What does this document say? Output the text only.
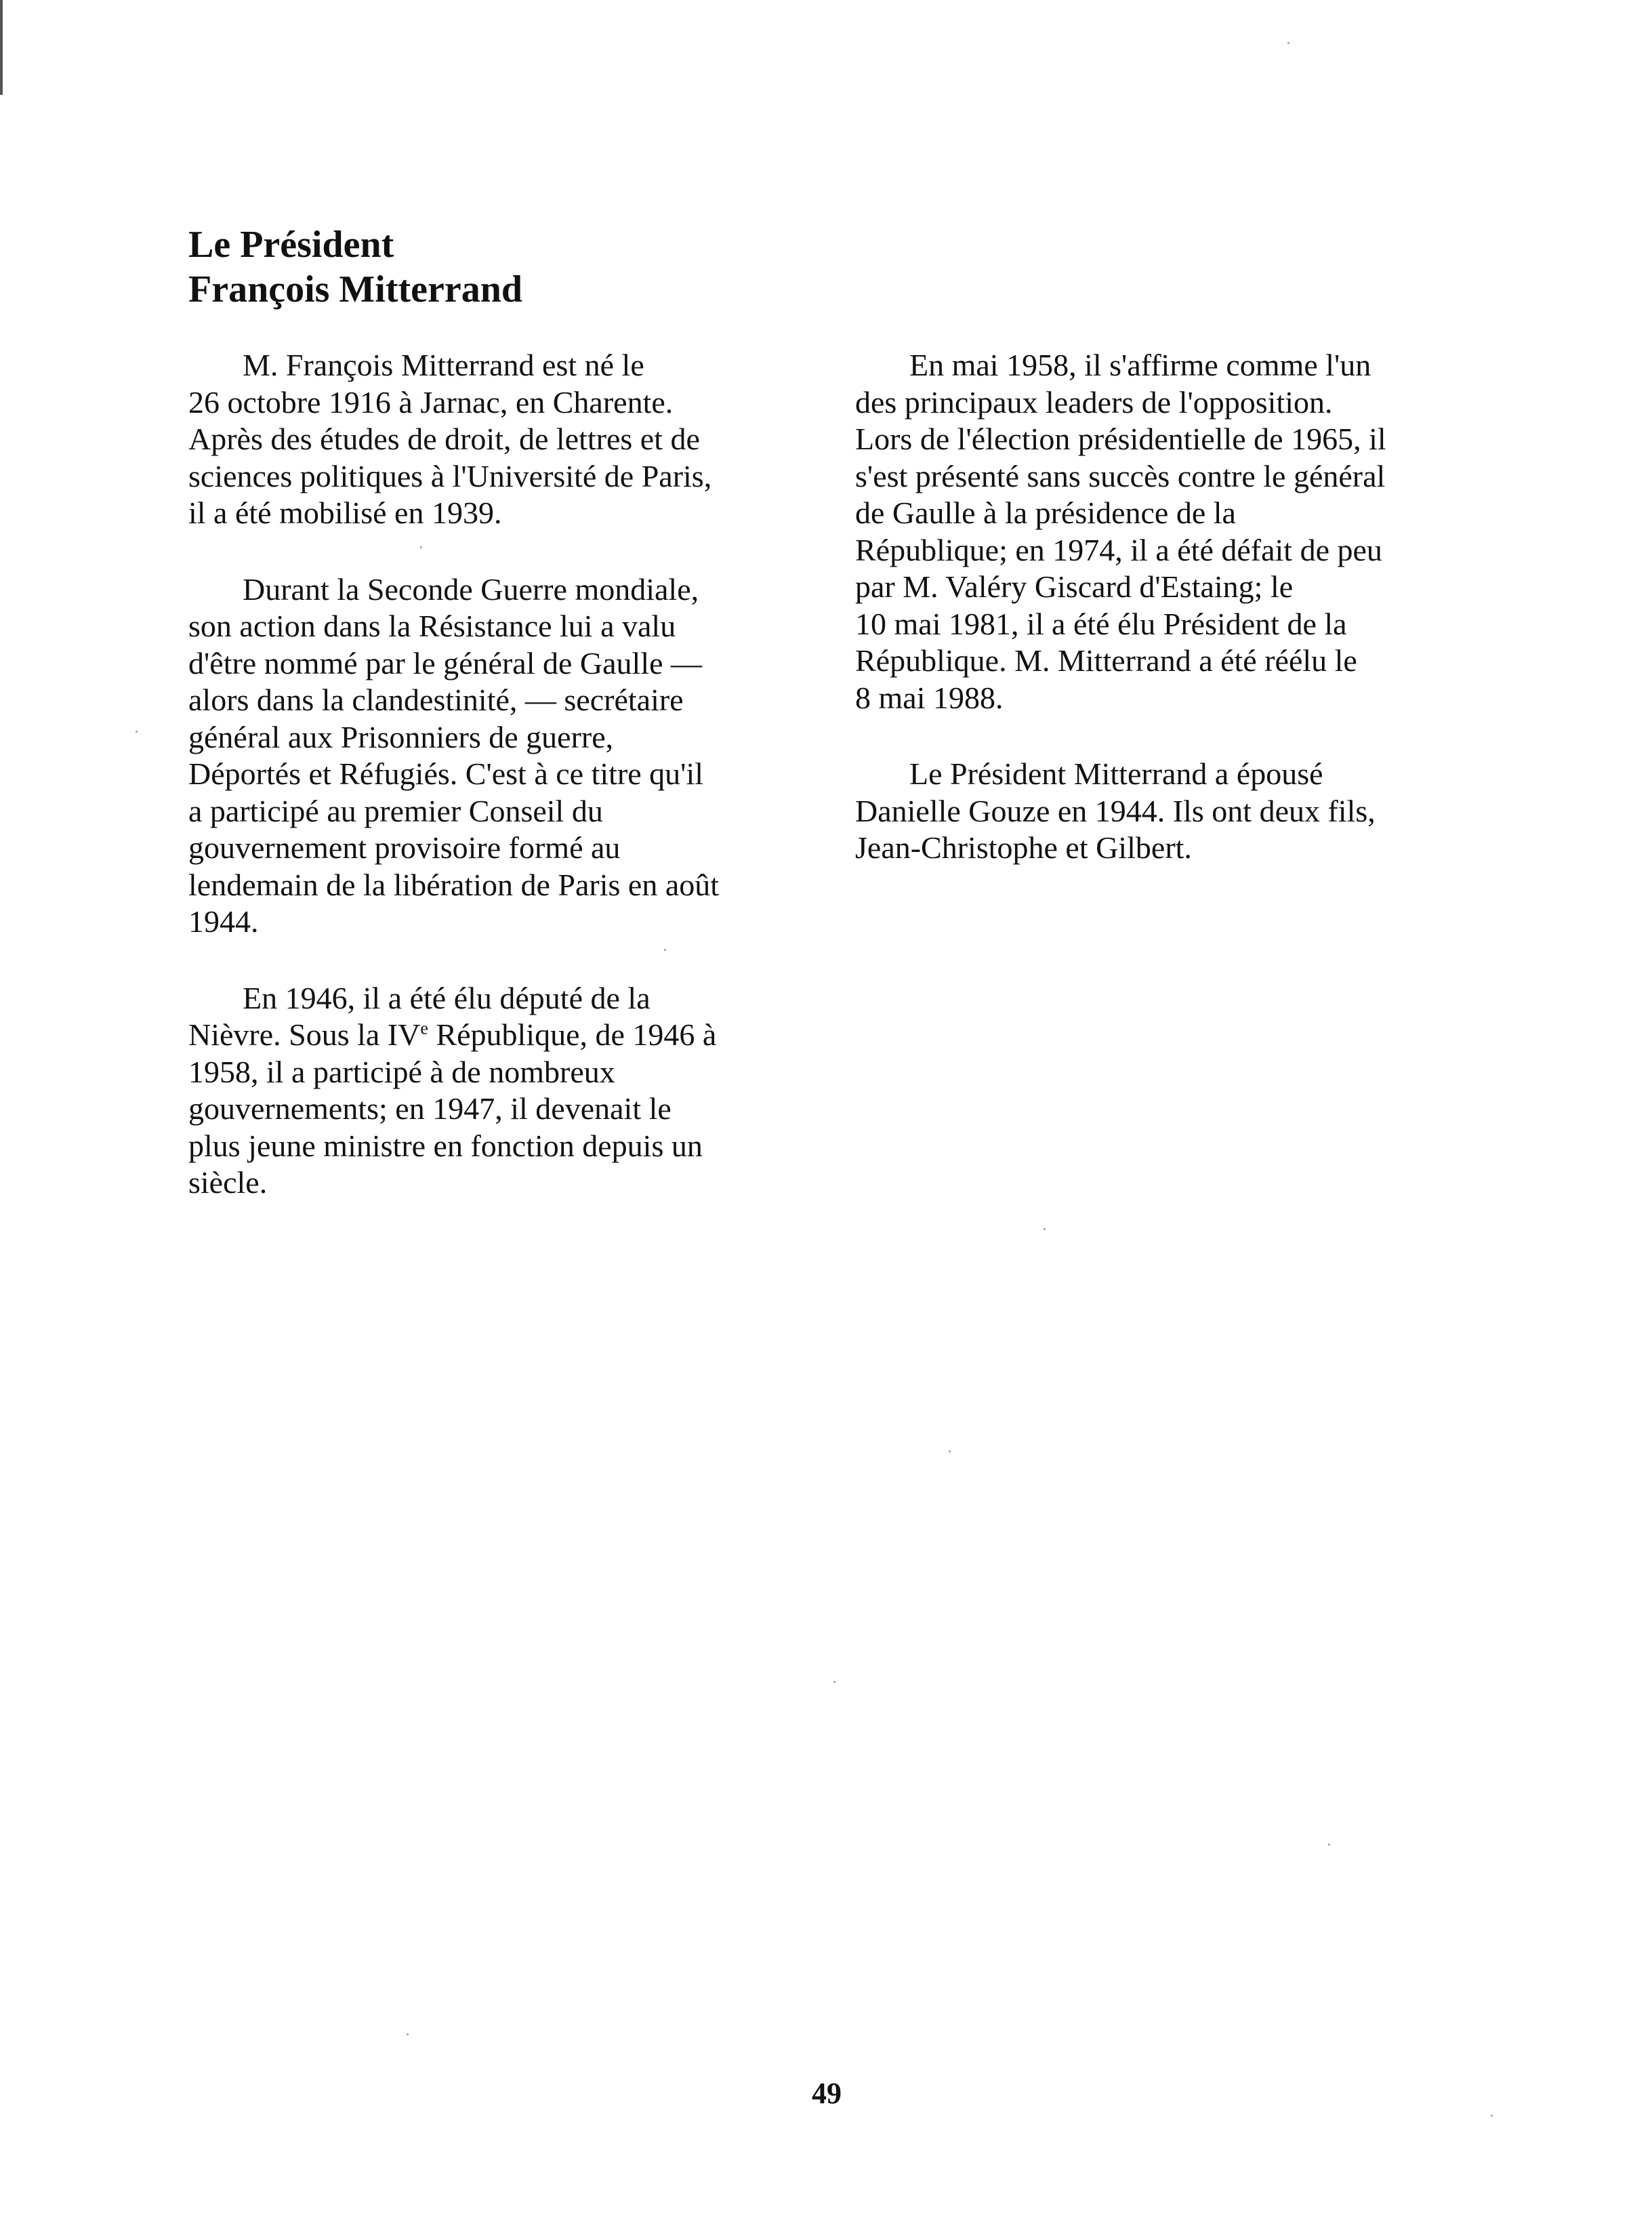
Le Président
François Mitterrand

M. François Mitterrand est né le
26 octobre 1916 à Jarnac, en Charente.
Après des études de droit, de lettres et de
sciences politiques à l'Université de Paris,
il a été mobilisé en 1939.

Durant la Seconde Guerre mondiale,
son action dans la Résistance lui a valu
d'être nommé par le général de Gaulle —
alors dans la clandestinité, — secrétaire
général aux Prisonniers de guerre,
Déportés et Réfugiés. C'est à ce titre qu'il
a participé au premier Conseil du
gouvernement provisoire formé au
lendemain de la libération de Paris en août
1944.

En 1946, il a été élu député de la
Nièvre. Sous la IVe République, de 1946 à
1958, il a participé à de nombreux
gouvernements; en 1947, il devenait le
plus jeune ministre en fonction depuis un
siècle.

En mai 1958, il s'affirme comme l'un
des principaux leaders de l'opposition.
Lors de l'élection présidentielle de 1965, il
s'est présenté sans succès contre le général
de Gaulle à la présidence de la
République; en 1974, il a été défait de peu
par M. Valéry Giscard d'Estaing; le
10 mai 1981, il a été élu Président de la
République. M. Mitterrand a été réélu le
8 mai 1988.

Le Président Mitterrand a épousé
Danielle Gouze en 1944. Ils ont deux fils,
Jean-Christophe et Gilbert.

49
